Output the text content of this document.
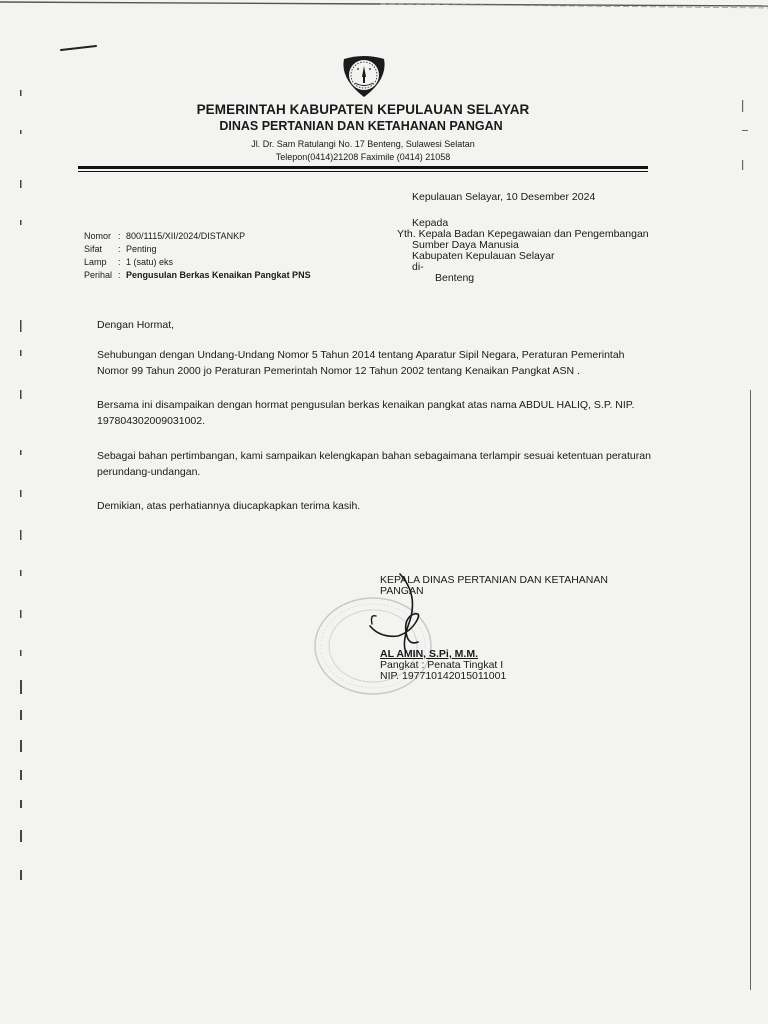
PEMERINTAH KABUPATEN KEPULAUAN SELAYAR
DINAS PERTANIAN DAN KETAHANAN PANGAN
Jl. Dr. Sam Ratulangi No. 17 Benteng, Sulawesi Selatan
Telepon(0414)21208 Faximile (0414) 21058
Kepulauan Selayar, 10 Desember 2024
Nomor : 800/1115/XII/2024/DISTANKP
Sifat : Penting
Lamp : 1 (satu) eks
Perihal : Pengusulan Berkas Kenaikan Pangkat PNS
Kepada
Yth. Kepala Badan Kepegawaian dan Pengembangan
Sumber Daya Manusia
Kabupaten Kepulauan Selayar
di-
Benteng
Dengan Hormat,
Sehubungan dengan Undang-Undang Nomor 5 Tahun 2014 tentang Aparatur Sipil Negara, Peraturan Pemerintah Nomor 99 Tahun 2000 jo Peraturan Pemerintah Nomor 12 Tahun 2002 tentang Kenaikan Pangkat ASN .
Bersama ini disampaikan dengan hormat pengusulan berkas kenaikan pangkat atas nama ABDUL HALIQ, S.P. NIP. 197804302009031002.
Sebagai bahan pertimbangan, kami sampaikan kelengkapan bahan sebagaimana terlampir sesuai ketentuan peraturan perundang-undangan.
Demikian, atas perhatiannya diucapkapkan terima kasih.
KEPALA DINAS PERTANIAN DAN KETAHANAN
PANGAN
AL AMIN, S.Pi, M.M.
Pangkat : Penata Tingkat I
NIP. 197710142015011001
